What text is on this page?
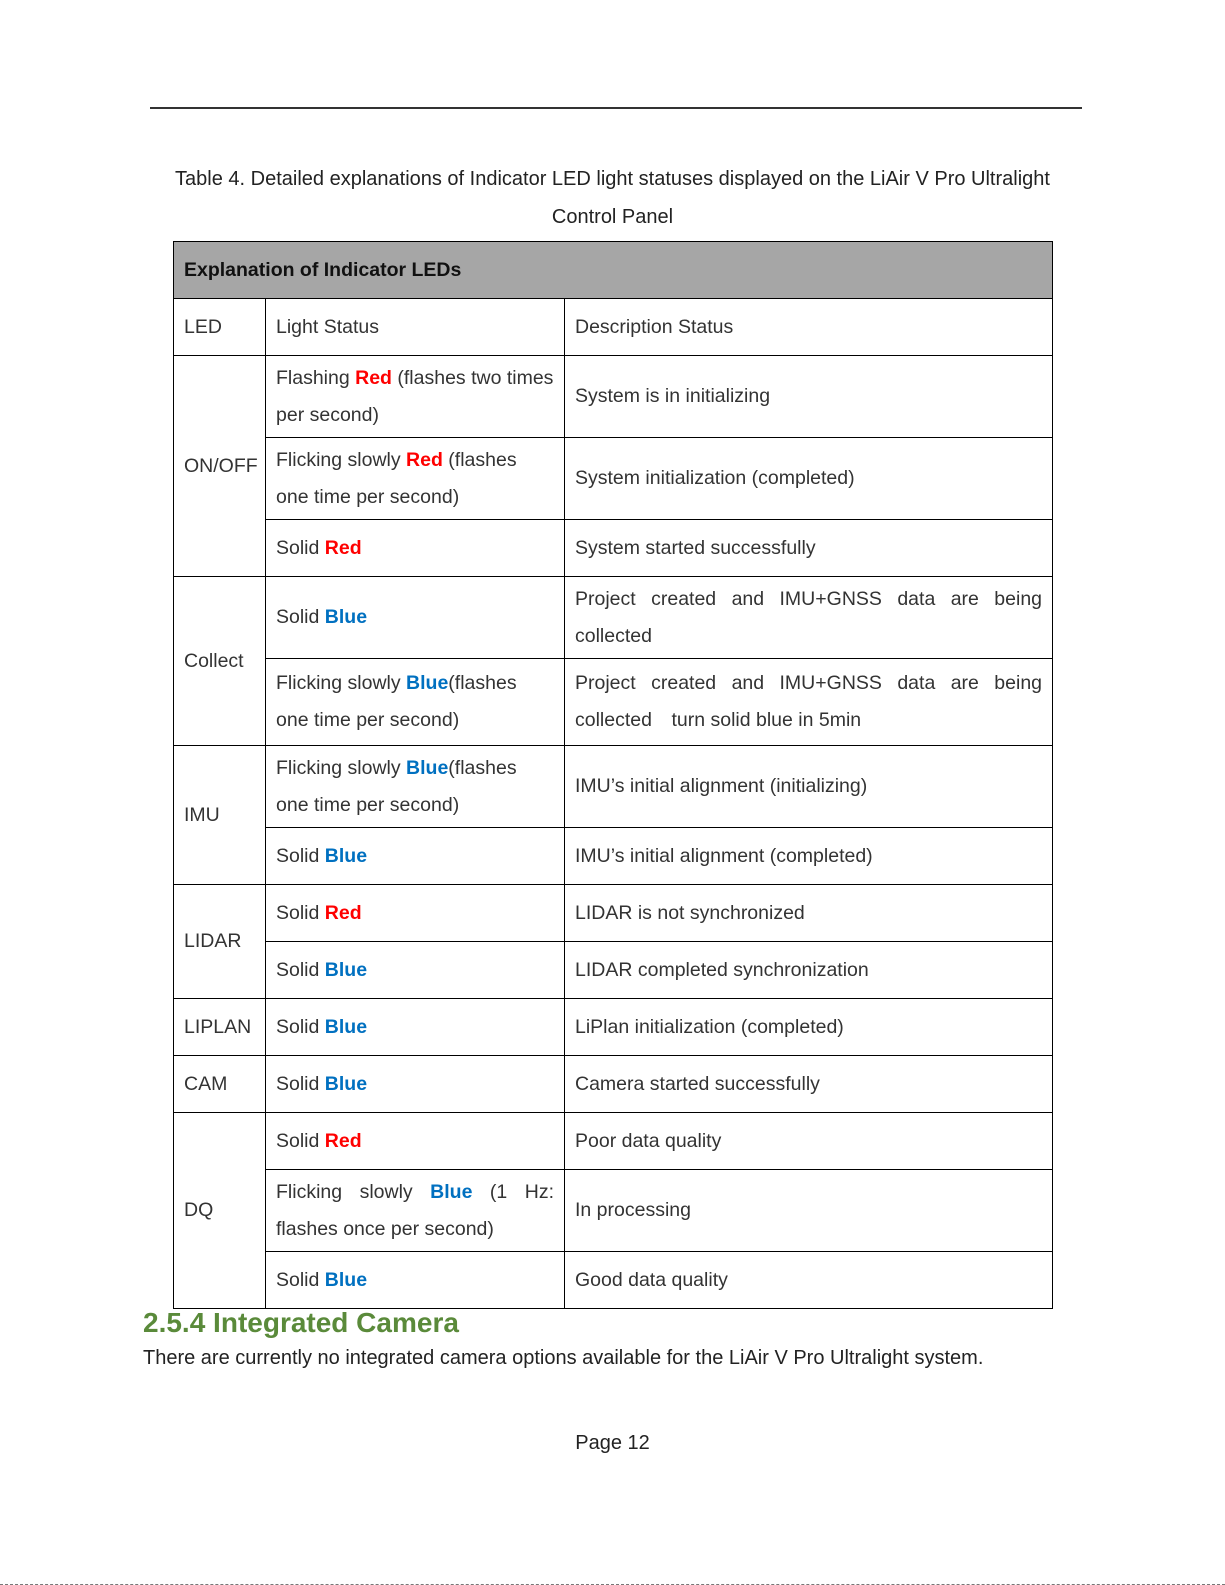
Table 4. Detailed explanations of Indicator LED light statuses displayed on the LiAir V Pro Ultralight Control Panel
Explanation of Indicator LEDs		
LED	Light Status	Description Status
ON/OFF	Flashing Red (flashes two times per second)	System is in initializing
	Flicking slowly Red (flashes one time per second)	System initialization (completed)
	Solid Red	System started successfully
Collect	Solid Blue	Project created and IMU+GNSS data are being collected
	Flicking slowly Blue(flashes one time per second)	Project created and IMU+GNSS data are being collected　turn solid blue in 5min
IMU	Flicking slowly Blue(flashes one time per second)	IMU’s initial alignment (initializing)
	Solid Blue	IMU’s initial alignment (completed)
LIDAR	Solid Red	LIDAR is not synchronized
	Solid Blue	LIDAR completed synchronization
LIPLAN	Solid Blue	LiPlan initialization (completed)
CAM	Solid Blue	Camera started successfully
DQ	Solid Red	Poor data quality
	Flicking slowly Blue (1 Hz: flashes once per second)	In processing
	Solid Blue	Good data quality
2.5.4 Integrated Camera
There are currently no integrated camera options available for the LiAir V Pro Ultralight system.
Page 12
